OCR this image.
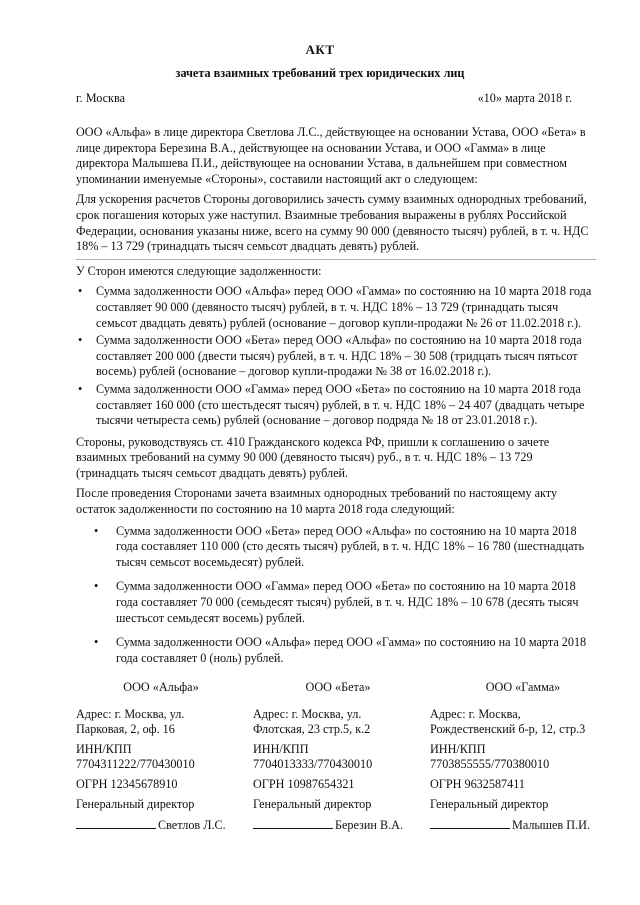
АКТ
зачета взаимных требований трех юридических лиц
г. Москва	«10» марта 2018 г.

ООО «Альфа» в лице директора Светлова Л.С., действующее на основании Устава, ООО «Бета» в лице директора Березина В.А., действующее на основании Устава, и ООО «Гамма» в лице директора Малышева П.И., действующее на основании Устава, в дальнейшем при совместном упоминании именуемые «Стороны», составили настоящий акт о следующем:

Для ускорения расчетов Стороны договорились зачесть сумму взаимных однородных требований, срок погашения которых уже наступил. Взаимные требования выражены в рублях Российской Федерации, основания указаны ниже, всего на сумму 90 000 (девяносто тысяч) рублей, в т. ч. НДС 18% – 13 729 (тринадцать тысяч семьсот двадцать девять) рублей.

У Сторон имеются следующие задолженности:

• Сумма задолженности ООО «Альфа» перед ООО «Гамма» по состоянию на 10 марта 2018 года составляет 90 000 (девяносто тысяч) рублей, в т. ч. НДС 18% – 13 729 (тринадцать тысяч семьсот двадцать девять) рублей (основание – договор купли-продажи № 26 от 11.02.2018 г.).
• Сумма задолженности ООО «Бета» перед ООО «Альфа» по состоянию на 10 марта 2018 года составляет 200 000 (двести тысяч) рублей, в т. ч. НДС 18% – 30 508 (тридцать тысяч пятьсот восемь) рублей (основание – договор купли-продажи № 38 от 16.02.2018 г.).
• Сумма задолженности ООО «Гамма» перед ООО «Бета» по состоянию на 10 марта 2018 года составляет 160 000 (сто шестьдесят тысяч) рублей, в т. ч. НДС 18% – 24 407 (двадцать четыре тысячи четыреста семь) рублей (основание – договор подряда № 18 от 23.01.2018 г.).

Стороны, руководствуясь ст. 410 Гражданского кодекса РФ, пришли к соглашению о зачете взаимных требований на сумму 90 000 (девяносто тысяч) руб., в т. ч. НДС 18% – 13 729 (тринадцать тысяч семьсот двадцать девять) рублей.

После проведения Сторонами зачета взаимных однородных требований по настоящему акту остаток задолженности по состоянию на 10 марта 2018 года следующий:

• Сумма задолженности ООО «Бета» перед ООО «Альфа» по состоянию на 10 марта 2018 года составляет 110 000 (сто десять тысяч) рублей, в т. ч. НДС 18% – 16 780 (шестнадцать тысяч семьсот восемьдесят) рублей.
• Сумма задолженности ООО «Гамма» перед ООО «Бета» по состоянию на 10 марта 2018 года составляет 70 000 (семьдесят тысяч) рублей, в т. ч. НДС 18% – 10 678 (десять тысяч шестьсот семьдесят восемь) рублей.
• Сумма задолженности ООО «Альфа» перед ООО «Гамма» по состоянию на 10 марта 2018 года составляет 0 (ноль) рублей.
ООО «Альфа»
Адрес: г. Москва, ул.
Парковая, 2, оф. 16
ИНН/КПП
7704311222/770430010
ОГРН 12345678910
Генеральный директор
Светлов Л.С.
ООО «Бета»
Адрес: г. Москва, ул.
Флотская, 23 стр.5, к.2
ИНН/КПП
7704013333/770430010
ОГРН 10987654321
Генеральный директор
Березин В.А.
ООО «Гамма»
Адрес: г. Москва,
Рождественский б-р, 12, стр.3
ИНН/КПП
7703855555/770380010
ОГРН 9632587411
Генеральный директор
Малышев П.И.
